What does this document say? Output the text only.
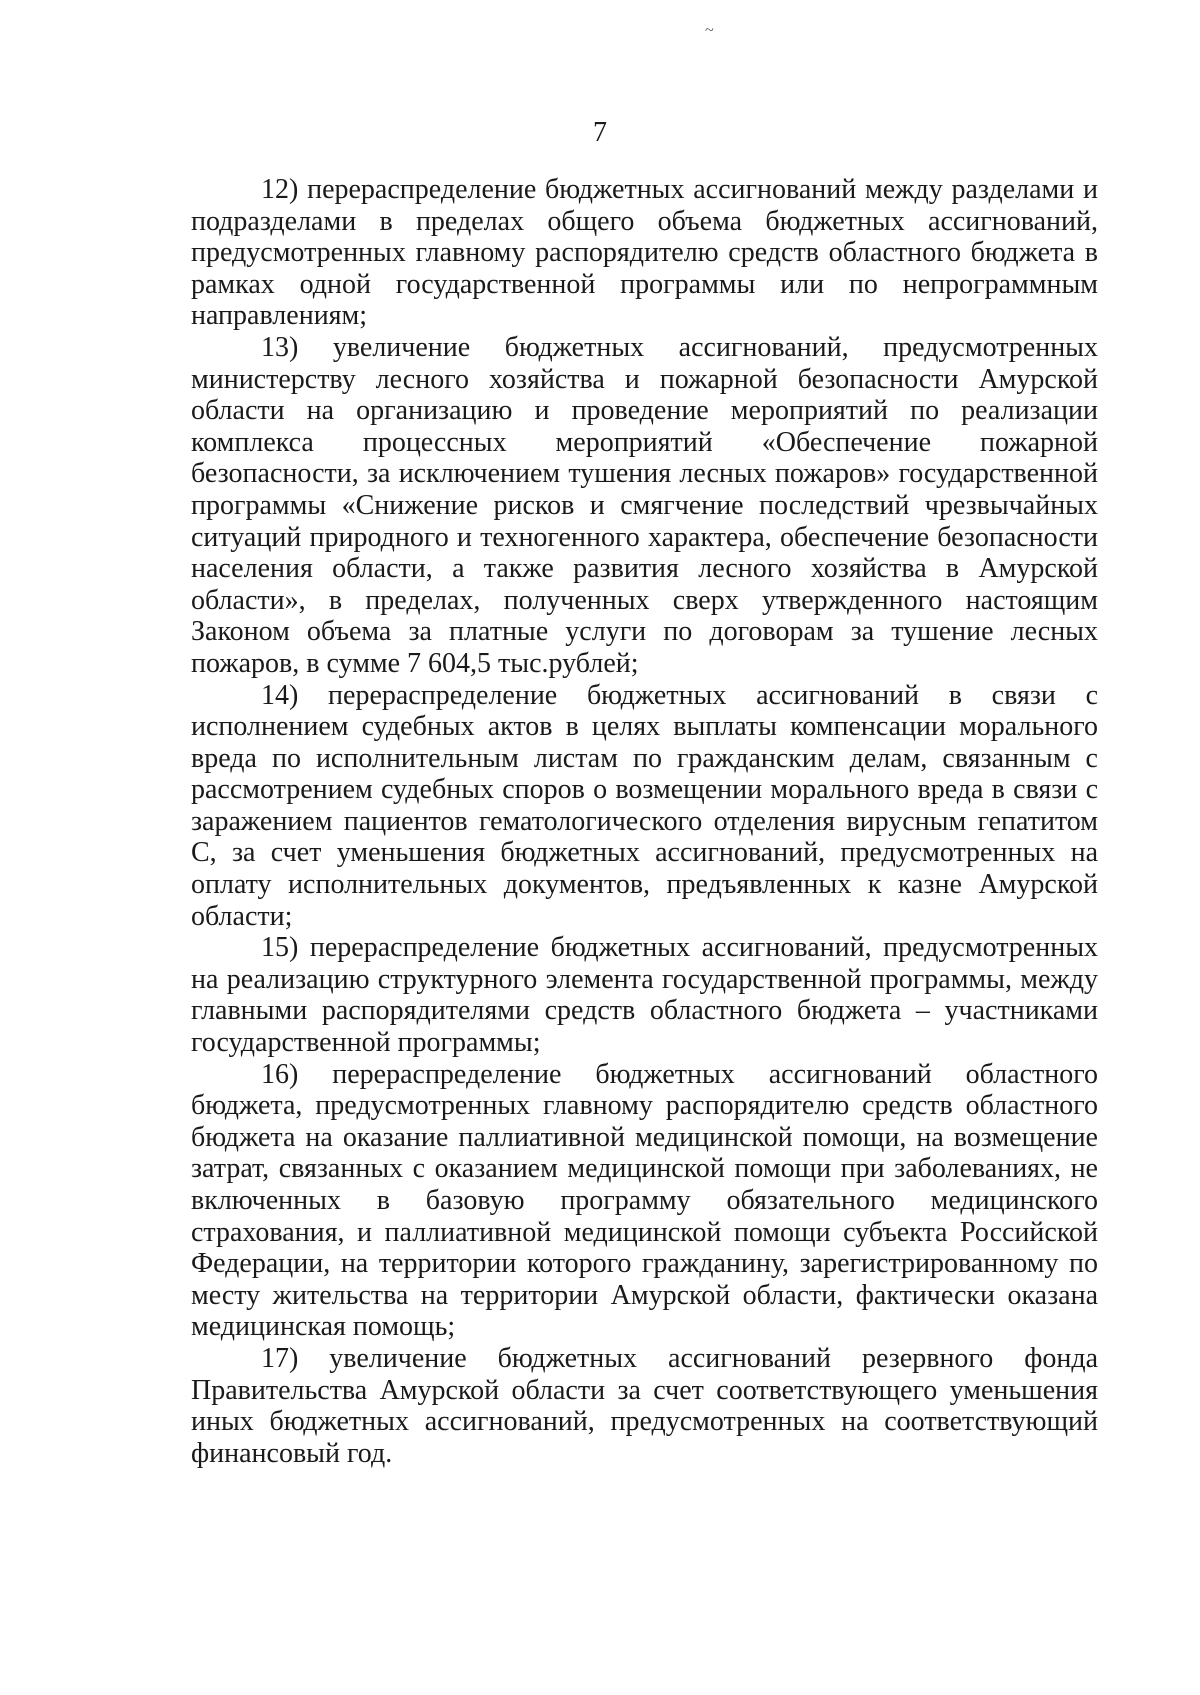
~
7

12) перераспределение бюджетных ассигнований между разделами и подразделами в пределах общего объема бюджетных ассигнований, предусмотренных главному распорядителю средств областного бюджета в рамках одной государственной программы или по непрограммным направлениям;

13) увеличение бюджетных ассигнований, предусмотренных министерству лесного хозяйства и пожарной безопасности Амурской области на организацию и проведение мероприятий по реализации комплекса процессных мероприятий «Обеспечение пожарной безопасности, за исключением тушения лесных пожаров» государственной программы «Снижение рисков и смягчение последствий чрезвычайных ситуаций природного и техногенного характера, обеспечение безопасности населения области, а также развития лесного хозяйства в Амурской области», в пределах, полученных сверх утвержденного настоящим Законом объема за платные услуги по договорам за тушение лесных пожаров, в сумме 7 604,5 тыс.рублей;

14) перераспределение бюджетных ассигнований в связи с исполнением судебных актов в целях выплаты компенсации морального вреда по исполнительным листам по гражданским делам, связанным с рассмотрением судебных споров о возмещении морального вреда в связи с заражением пациентов гематологического отделения вирусным гепатитом С, за счет уменьшения бюджетных ассигнований, предусмотренных на оплату исполнительных документов, предъявленных к казне Амурской области;

15) перераспределение бюджетных ассигнований, предусмотренных на реализацию структурного элемента государственной программы, между главными распорядителями средств областного бюджета – участниками государственной программы;

16) перераспределение бюджетных ассигнований областного бюджета, предусмотренных главному распорядителю средств областного бюджета на оказание паллиативной медицинской помощи, на возмещение затрат, связанных с оказанием медицинской помощи при заболеваниях, не включенных в базовую программу обязательного медицинского страхования, и паллиативной медицинской помощи субъекта Российской Федерации, на территории которого гражданину, зарегистрированному по месту жительства на территории Амурской области, фактически оказана медицинская помощь;

17) увеличение бюджетных ассигнований резервного фонда Правительства Амурской области за счет соответствующего уменьшения иных бюджетных ассигнований, предусмотренных на соответствующий финансовый год.
